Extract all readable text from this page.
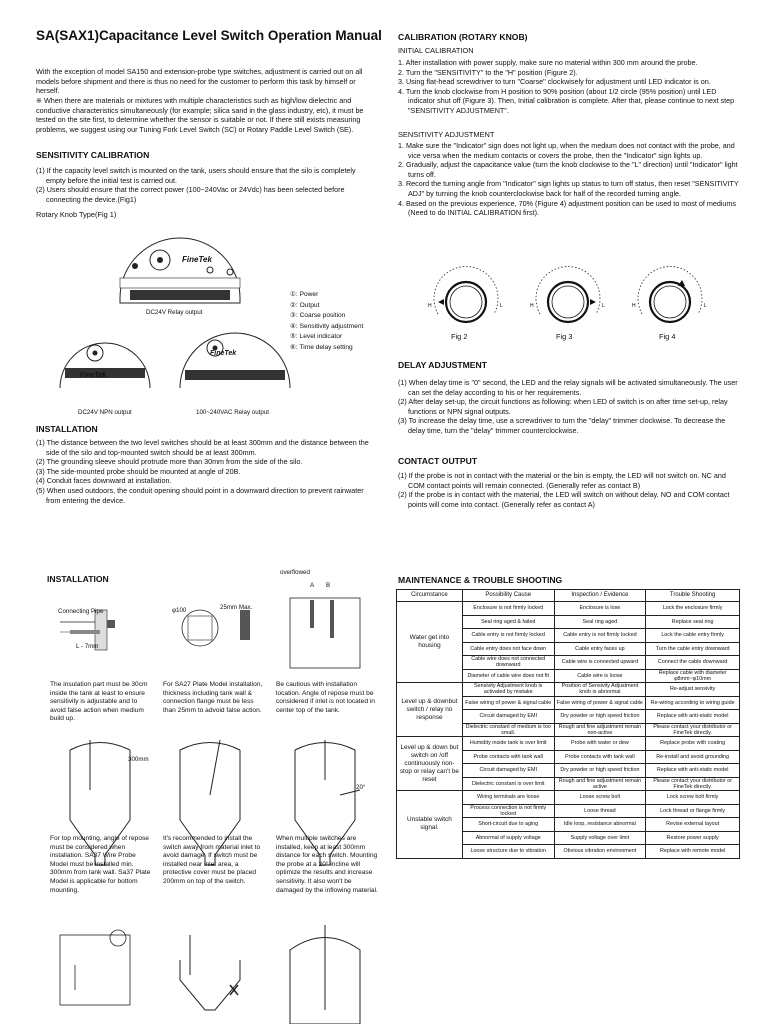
SA(SAX1)Capacitance Level Switch Operation Manual
With the exception of model SA150 and extension-probe type switches, adjustment is carried out on all models before shipment and there is thus no need for the customer to perform this task by himself or herself.
※ When there are materials or mixtures with multiple characteristics such as high/low dielectric and conductive characteristics simultaneously (for example; silica sand in the glass industry, etc), it must be tested on the site first, to determine whether the sensor is suitable or not. If there still exists measuring problems, we suggest using our Tuning Fork Level Switch (SC) or Rotary Paddle Level Switch (SE).
SENSITIVITY CALIBRATION
(1) If the capacity level switch is mounted on the tank, users should ensure that the silo is completely empty before the initial test is carried out.
(2) Users should ensure that the correct power (100~240Vac or 24Vdc) has been selected before connecting the device.(Fig1)
Rotary Knob Type(Fig 1)
FineTek
FineTek
FineTek
DC24V Relay output
DC24V NPN output	100~240VAC Relay output
①: Power
②: Output
③: Coarse position
④: Sensitivity adjustment
⑤: Level indicator
⑥: Time delay setting
INSTALLATION
(1) The distance between the two level switches should be at least 300mm and the distance between the side of the silo and top-mounted switch should be at least 300mm.
(2) The grounding sleeve should protrude more than 30mm from the side of the silo.
(3) The side-mounted probe should be mounted at angle of 20B.
(4) Conduit faces downward at installation.
(5) When used outdoors, the conduit opening should point in a downward direction to prevent rainwater from entering the device.
CALIBRATION (ROTARY KNOB)
INITIAL CALIBRATION
1. After installation with power supply, make sure no material within 300 mm around the probe.
2. Turn the "SENSITIVITY" to the "H" position (Figure 2).
3. Using flat-head screwdriver to turn "Coarse" clockwisely for adjustment until LED indicator is on.
4. Turn the knob clockwise from H position to 90% position (about 1/2 circle (95% position) until LED indicator shut off (Figure 3). Then, Initial calibration is complete. After that, please continue to next step "SENSITIVITY ADJUSTMENT".
SENSITIVITY ADJUSTMENT
1. Make sure the "Indicator" sign does not light up, when the medium does not contact with the probe, and vice versa when the medium contacts or covers the probe, then the "Indicator" sign lights up.
2. Gradually, adjust the capacitance value (turn the knob clockwise to the "L" direction) until "Indicator" light turns off.
3. Record the turning angle from "Indicator" sign lights up status to turn off status, then reset "SENSITIVITY ADJ" by turning the knob counterclockwise back for half of the recorded turning angle.
4. Based on the previous experience, 70% (Figure 4) adjustment position can be used to most of mediums (Need to do INITIAL CALIBRATION first).
H	L	H	L	H	L
Fig 2	Fig 3	Fig 4
DELAY ADJUSTMENT
(1) When delay time is "0" second, the LED and the relay signals will be activated simultaneously. The user can set the delay according to his or her requirements.
(2) After delay set-up, the circuit functions as following: when LED of switch is on after time set-up, relay functions or NPN signal outputs.
(3) To increase the delay time, use a screwdriver to turn the "delay" trimmer clockwise. To decrease the delay time, turn the "delay" trimmer counterclockwise.
CONTACT OUTPUT
(1) If the probe is not in contact with the material or the bin is empty, the LED will not switch on. NC and COM contact points will remain connected. (Generally refer as contact B)
(2) If the probe is in contact with the material, the LED will switch on without delay. NO and COM contact points will come into contact. (Generally refer as contact A)
INSTALLATION
Connecting Pipe
L - 7mm
φ100	25mm Max.
overflowed
A B
300mm
20°
The insulation part must be 30cm inside the tank at least to ensure sensitivity is adjustable and to avoid false action when medium build up.
For SA27 Plate Model installation, thickness including tank wall & connection flange must be less than 25mm to advoid false action.
Be cautious with installation location. Angle of repose must be considered if inlet is not located in center top of the tank.
For top mounting, angle of repose must be considered when installation. SA37 Wire Probe Model must be installed min. 300mm from tank wall. Sa37 Plate Model is applicable for bottom mounting.
It's recommended to install the switch away from material inlet to avoid damage. If switch must be installed near inlet area, a protective cover must be placed 200mm on top of the switch.
When multiple switches are installed, keep at least 300mm distance for each switch. Mounting the probe at a 20° incline will optimize the results and increase sensitivity. It also won't be damaged by the inflowing material.
MAINTENANCE & TROUBLE SHOOTING
Circumstance	Possibility Cause	Inspection / Evidence	Trouble Shooting
Water get into housing	Enclosure is not firmly locked	Enclosure is lose	Lock the enclosure firmly
	Seal ring aged & failed	Seal ring aged	Replace seal ring
	Cable entry is not firmly locked	Cable entry is not firmly locked	Lock the cable entry firmly
	Cable entry does not face down	Cable entry faces up	Turn the cable entry downward
	Cable wire does not connected downward	Cable wire is connected upward	Connect the cable downward
	Diameter of cable wire does not fit	Cable wire is loose	Replace cable with diameter φ8mm~φ10mm
Level up & downbut switch / relay no response	Sensivity Adjustment knob is activated by mistake	Position of Sensivity Adjustment knob is abnormal	Re-adjust sensivity
	False wiring of power & signal cable	False wiring of power & signal cable	Re-wiring according to wiring guide
	Circuit damaged by EMI	Dry powder or high speed friction	Replace with anti-static model
	Dielectric constant of medium is too small.	Rough and fine adjustment remain non-active	Please contact your distributor or FineTek directly.
Level up & down but switch on /off continuously non-stop or relay can't be reset	Humidity inside tank is over limit	Probe with water or dew	Replace probe with coating
	Probe contacts with tank wall	Probe contacts with tank wall	Re-install and avoid grounding
	Circuit damaged by EMI	Dry powder or high speed friction	Replace with anti-static model
	Dielectric constant is over limit	Rough and fine adjustment remain active	Please contact your distributor or FineTek directly.
Unstable switch signal.	Wiring terminals are loose	Loose screw bolt	Lock screw bolt firmly
	Process connection is not firmly locked	Loose thread	Lock thread or flange firmly
	Short-circuit due to aging	Idle loop, resistance abnormal	Revise external layout
	Abnormal of supply voltage	Supply voltage over limit	Restore power supply
	Loose structure due to vibration	Obvious vibration environment	Replace with remote model
